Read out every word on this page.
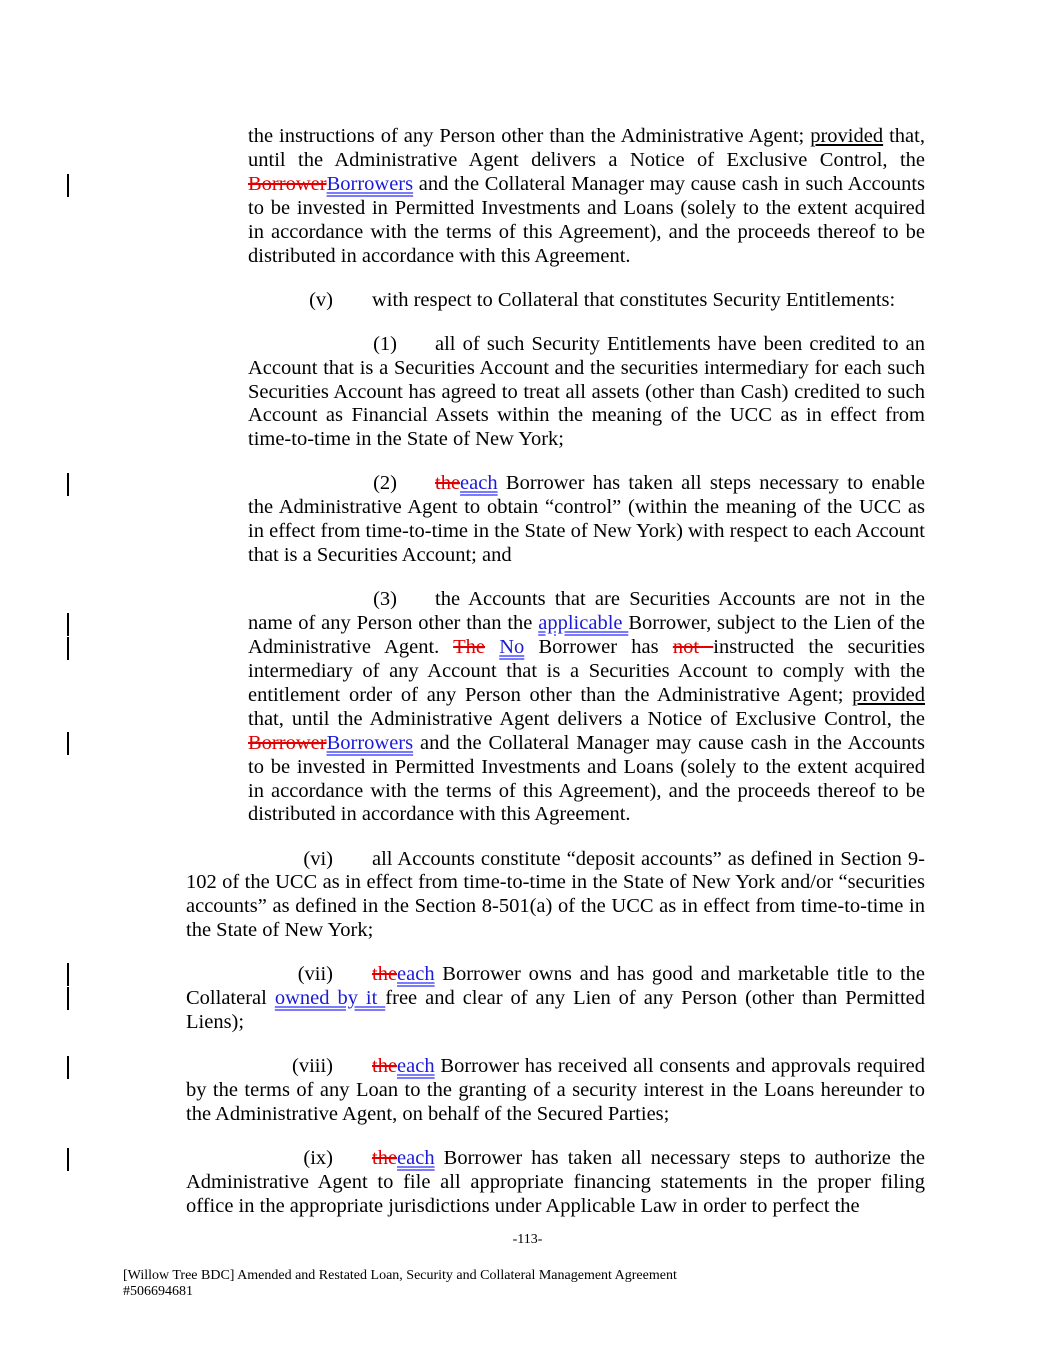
the instructions of any Person other than the Administrative Agent; provided that, until the Administrative Agent delivers a Notice of Exclusive Control, the BorrowerBorrowers and the Collateral Manager may cause cash in such Accounts to be invested in Permitted Investments and Loans (solely to the extent acquired in accordance with the terms of this Agreement), and the proceeds thereof to be distributed in accordance with this Agreement.

(v) with respect to Collateral that constitutes Security Entitlements:

(1) all of such Security Entitlements have been credited to an Account that is a Securities Account and the securities intermediary for each such Securities Account has agreed to treat all assets (other than Cash) credited to such Account as Financial Assets within the meaning of the UCC as in effect from time-to-time in the State of New York;

(2) theeach Borrower has taken all steps necessary to enable the Administrative Agent to obtain “control” (within the meaning of the UCC as in effect from time-to-time in the State of New York) with respect to each Account that is a Securities Account; and

(3) the Accounts that are Securities Accounts are not in the name of any Person other than the applicable Borrower, subject to the Lien of the Administrative Agent. The No Borrower has not instructed the securities intermediary of any Account that is a Securities Account to comply with the entitlement order of any Person other than the Administrative Agent; provided that, until the Administrative Agent delivers a Notice of Exclusive Control, the BorrowerBorrowers and the Collateral Manager may cause cash in the Accounts to be invested in Permitted Investments and Loans (solely to the extent acquired in accordance with the terms of this Agreement), and the proceeds thereof to be distributed in accordance with this Agreement.

(vi) all Accounts constitute “deposit accounts” as defined in Section 9-102 of the UCC as in effect from time-to-time in the State of New York and/or “securities accounts” as defined in the Section 8-501(a) of the UCC as in effect from time-to-time in the State of New York;

(vii) theeach Borrower owns and has good and marketable title to the Collateral owned by it free and clear of any Lien of any Person (other than Permitted Liens);

(viii) theeach Borrower has received all consents and approvals required by the terms of any Loan to the granting of a security interest in the Loans hereunder to the Administrative Agent, on behalf of the Secured Parties;

(ix) theeach Borrower has taken all necessary steps to authorize the Administrative Agent to file all appropriate financing statements in the proper filing office in the appropriate jurisdictions under Applicable Law in order to perfect the

-113-
[Willow Tree BDC] Amended and Restated Loan, Security and Collateral Management Agreement
#506694681
